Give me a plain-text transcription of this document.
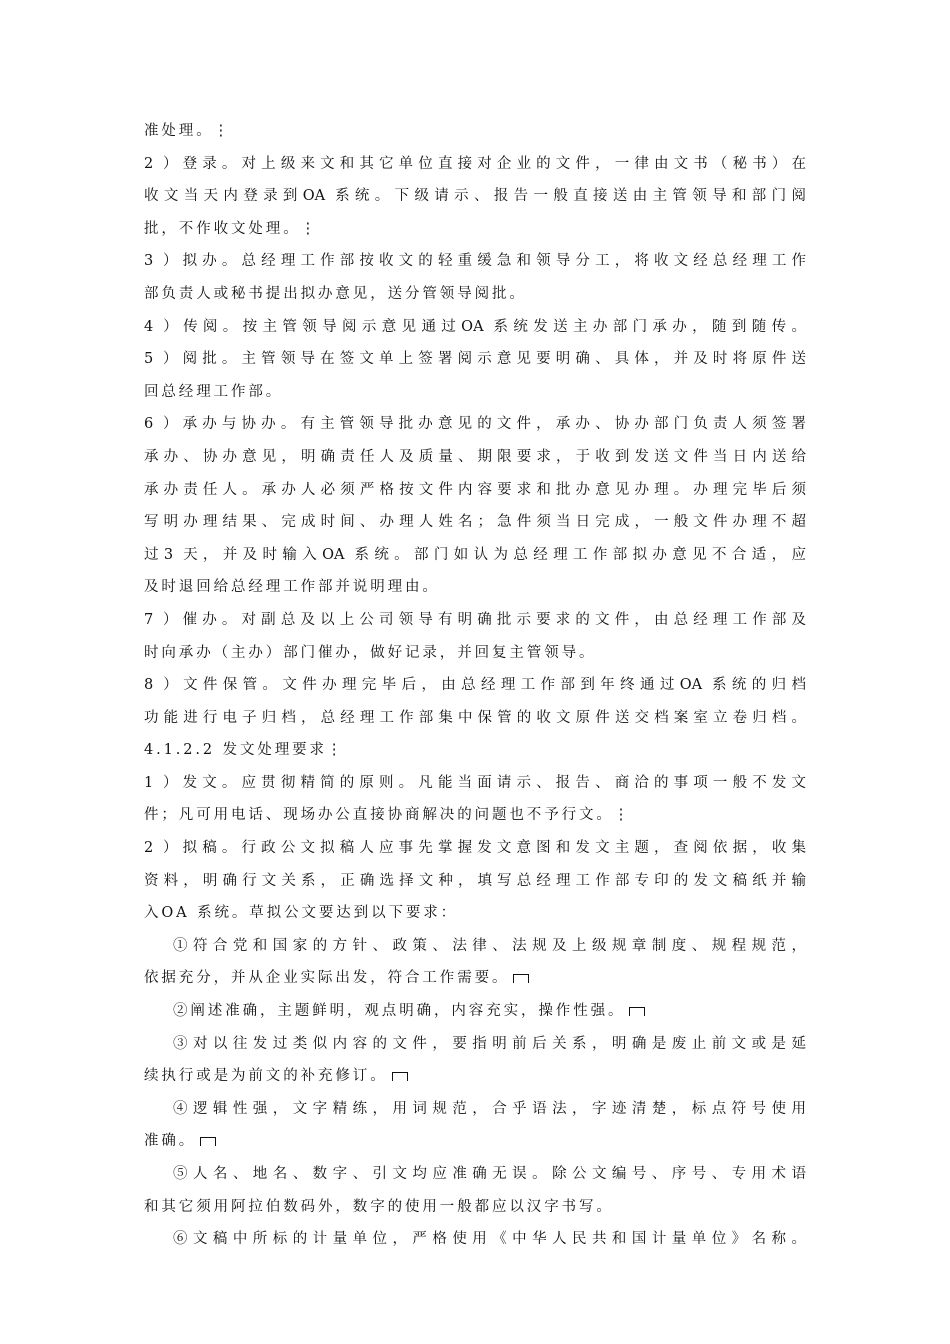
准处理。⋮
2 ）登录。对上级来文和其它单位直接对企业的文件，一律由文书（秘书）在
收文当天内登录到OA 系统。下级请示、报告一般直接送由主管领导和部门阅
批，不作收文处理。⋮
3 ）拟办。总经理工作部按收文的轻重缓急和领导分工，将收文经总经理工作
部负责人或秘书提出拟办意见，送分管领导阅批。
4 ）传阅。按主管领导阅示意见通过OA 系统发送主办部门承办，随到随传。
5 ）阅批。主管领导在签文单上签署阅示意见要明确、具体，并及时将原件送
回总经理工作部。
6 ）承办与协办。有主管领导批办意见的文件，承办、协办部门负责人须签署
承办、协办意见，明确责任人及质量、期限要求，于收到发送文件当日内送给
承办责任人。承办人必须严格按文件内容要求和批办意见办理。办理完毕后须
写明办理结果、完成时间、办理人姓名；急件须当日完成，一般文件办理不超
过3 天，并及时输入OA 系统。部门如认为总经理工作部拟办意见不合适，应
及时退回给总经理工作部并说明理由。
7 ）催办。对副总及以上公司领导有明确批示要求的文件，由总经理工作部及
时向承办（主办）部门催办，做好记录，并回复主管领导。
8 ）文件保管。文件办理完毕后，由总经理工作部到年终通过OA 系统的归档
功能进行电子归档，总经理工作部集中保管的收文原件送交档案室立卷归档。
4.1.2.2 发文处理要求⋮
1 ）发文。应贯彻精简的原则。凡能当面请示、报告、商洽的事项一般不发文
件；凡可用电话、现场办公直接协商解决的问题也不予行文。⋮
2 ）拟稿。行政公文拟稿人应事先掌握发文意图和发文主题，查阅依据，收集
资料，明确行文关系，正确选择文种，填写总经理工作部专印的发文稿纸并输
入OA 系统。草拟公文要达到以下要求：
①符合党和国家的方针、政策、法律、法规及上级规章制度、规程规范，
依据充分，并从企业实际出发，符合工作需要。
②阐述准确，主题鲜明，观点明确，内容充实，操作性强。
③对以往发过类似内容的文件，要指明前后关系，明确是废止前文或是延
续执行或是为前文的补充修订。
④逻辑性强，文字精练，用词规范，合乎语法，字迹清楚，标点符号使用
准确。
⑤人名、地名、数字、引文均应准确无误。除公文编号、序号、专用术语
和其它须用阿拉伯数码外，数字的使用一般都应以汉字书写。
⑥文稿中所标的计量单位，严格使用《中华人民共和国计量单位》名称。
